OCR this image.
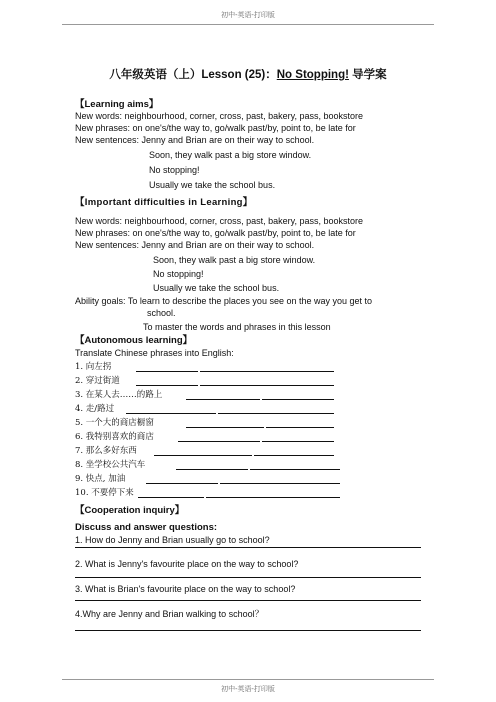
初中-英语-打印版
八年级英语（上）Lesson (25)：No Stopping! 导学案
【Learning aims】
New words: neighbourhood, corner, cross, past, bakery, pass, bookstore
New phrases: on one's/the way to, go/walk past/by, point to, be late for
New sentences: Jenny and Brian are on their way to school.
Soon, they walk past a big store window.
No stopping!
Usually we take the school bus.
【Important difficulties in Learning】
New words: neighbourhood, corner, cross, past, bakery, pass, bookstore
New phrases: on one's/the way to, go/walk past/by, point to, be late for
New sentences: Jenny and Brian are on their way to school.
Soon, they walk past a big store window.
No stopping!
Usually we take the school bus.
Ability goals: To learn to describe the places you see on the way you get to
school.
To master the words and phrases in this lesson
【Autonomous learning】
Translate Chinese phrases into English:
1. 向左拐
2. 穿过街道
3. 在某人去……的路上
4. 走/路过
5. 一个大的商店橱窗
6. 我特别喜欢的商店
7. 那么多好东西
8. 坐学校公共汽车
9. 快点, 加油
10. 不要停下来
【Cooperation inquiry】
Discuss and answer questions:
1. How do Jenny and Brian usually go to school?
2. What is Jenny's favourite place on the way to school?
3. What is Brian's favourite place on the way to school?
4.Why are Jenny and Brian walking to school？
初中-英语-打印版
